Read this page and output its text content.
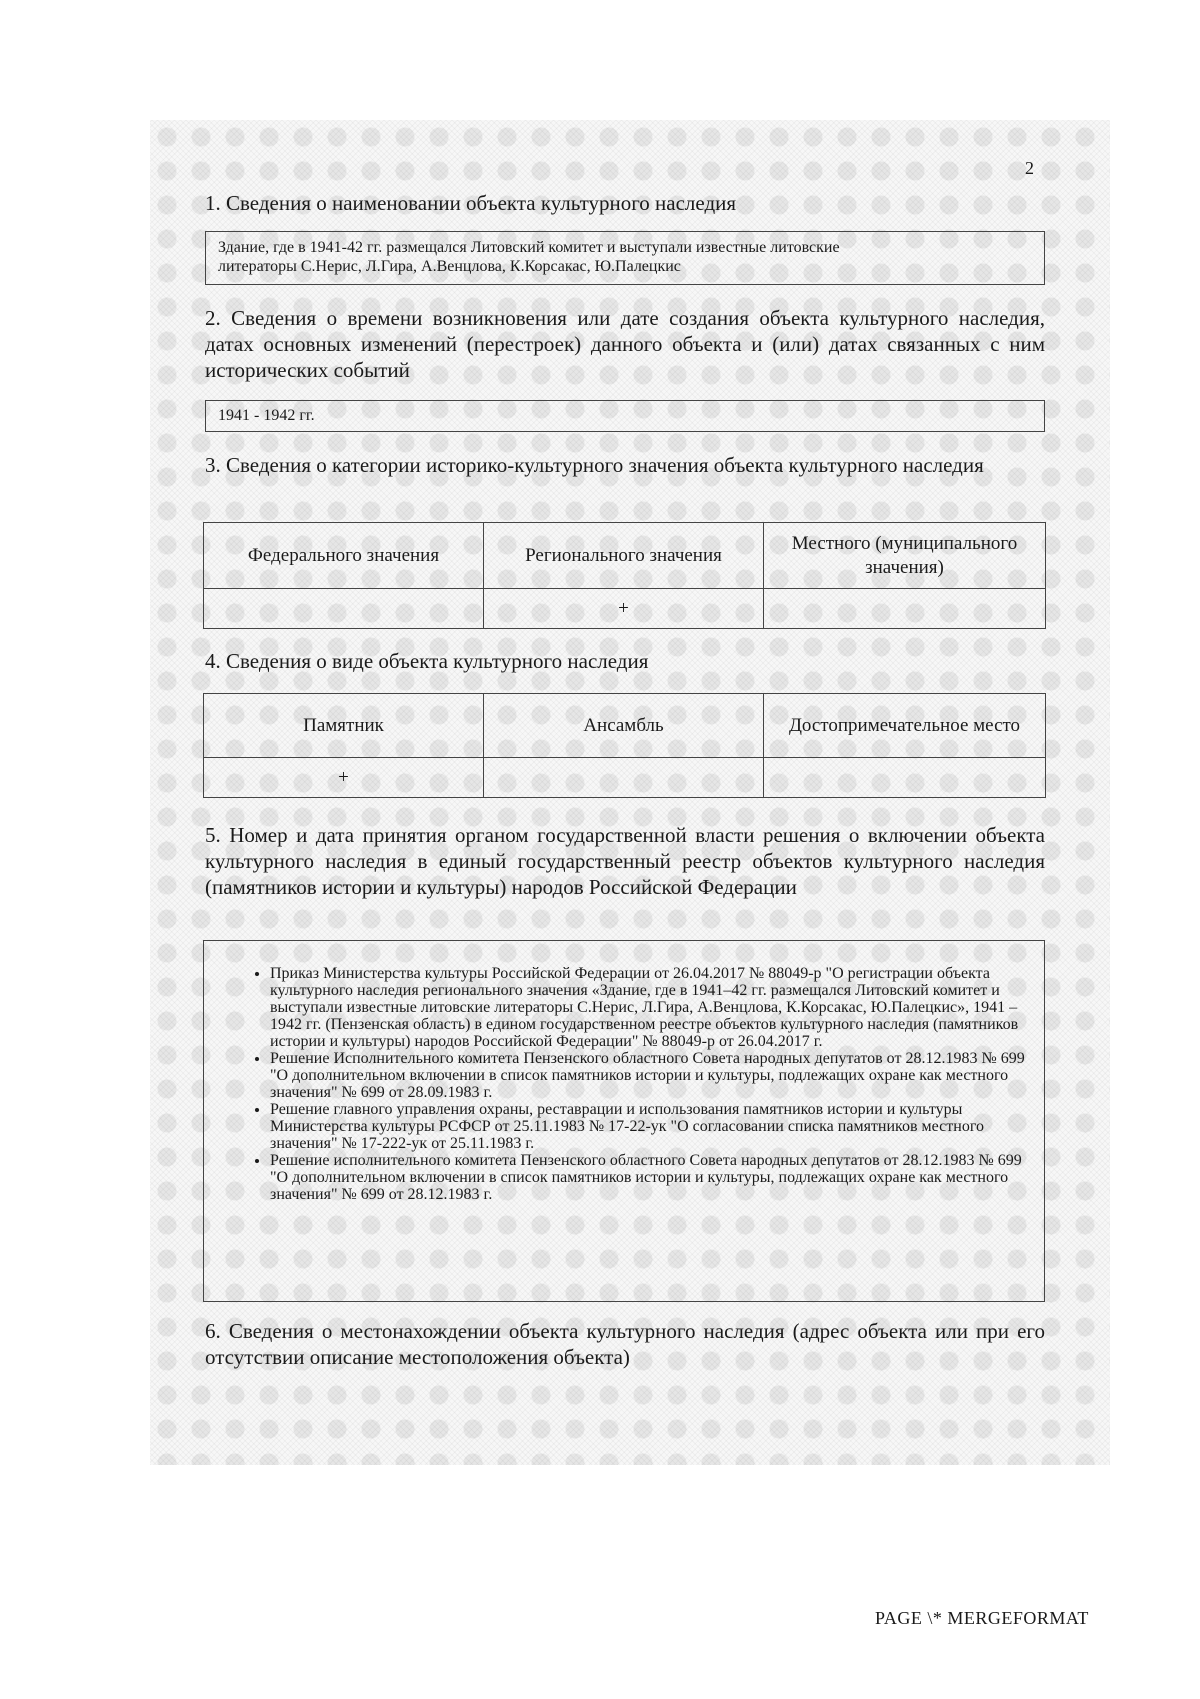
2
1. Сведения о наименовании объекта культурного наследия
Здание, где в 1941-42 гг. размещался Литовский комитет и выступали известные литовские
литераторы С.Нерис, Л.Гира, А.Венцлова, К.Корсакас, Ю.Палецкис
2. Сведения о времени возникновения или дате создания объекта культурного наследия, датах основных изменений (перестроек) данного объекта и (или) датах связанных с ним исторических событий
1941 - 1942 гг.
3. Сведения о категории историко-культурного значения объекта культурного наследия
Федерального значения	Регионального значения	Местного (муниципального значения)
	+	
4. Сведения о виде объекта культурного наследия
Памятник	Ансамбль	Достопримечательное место
+		
5. Номер и дата принятия органом государственной власти решения о включении объекта культурного наследия в единый государственный реестр объектов культурного наследия (памятников истории и культуры) народов Российской Федерации
• Приказ Министерства культуры Российской Федерации от 26.04.2017 № 88049-р "О регистрации объекта культурного наследия регионального значения «Здание, где в 1941–42 гг. размещался Литовский комитет и выступали известные литовские литераторы С.Нерис, Л.Гира, А.Венцлова, К.Корсакас, Ю.Палецкис», 1941 – 1942 гг. (Пензенская область) в едином государственном реестре объектов культурного наследия (памятников истории и культуры) народов Российской Федерации" № 88049-р от 26.04.2017 г.
• Решение Исполнительного комитета Пензенского областного Совета народных депутатов от 28.12.1983 № 699 "О дополнительном включении в список памятников истории и культуры, подлежащих охране как местного значения" № 699 от 28.09.1983 г.
• Решение главного управления охраны, реставрации и использования памятников истории и культуры Министерства культуры РСФСР от 25.11.1983 № 17-22-ук "О согласовании списка памятников местного значения" № 17-222-ук от 25.11.1983 г.
• Решение исполнительного комитета Пензенского областного Совета народных депутатов от 28.12.1983 № 699 "О дополнительном включении в список памятников истории и культуры, подлежащих охране как местного значения" № 699 от 28.12.1983 г.
6. Сведения о местонахождении объекта культурного наследия (адрес объекта или при его отсутствии описание местоположения объекта)
PAGE \* MERGEFORMAT
